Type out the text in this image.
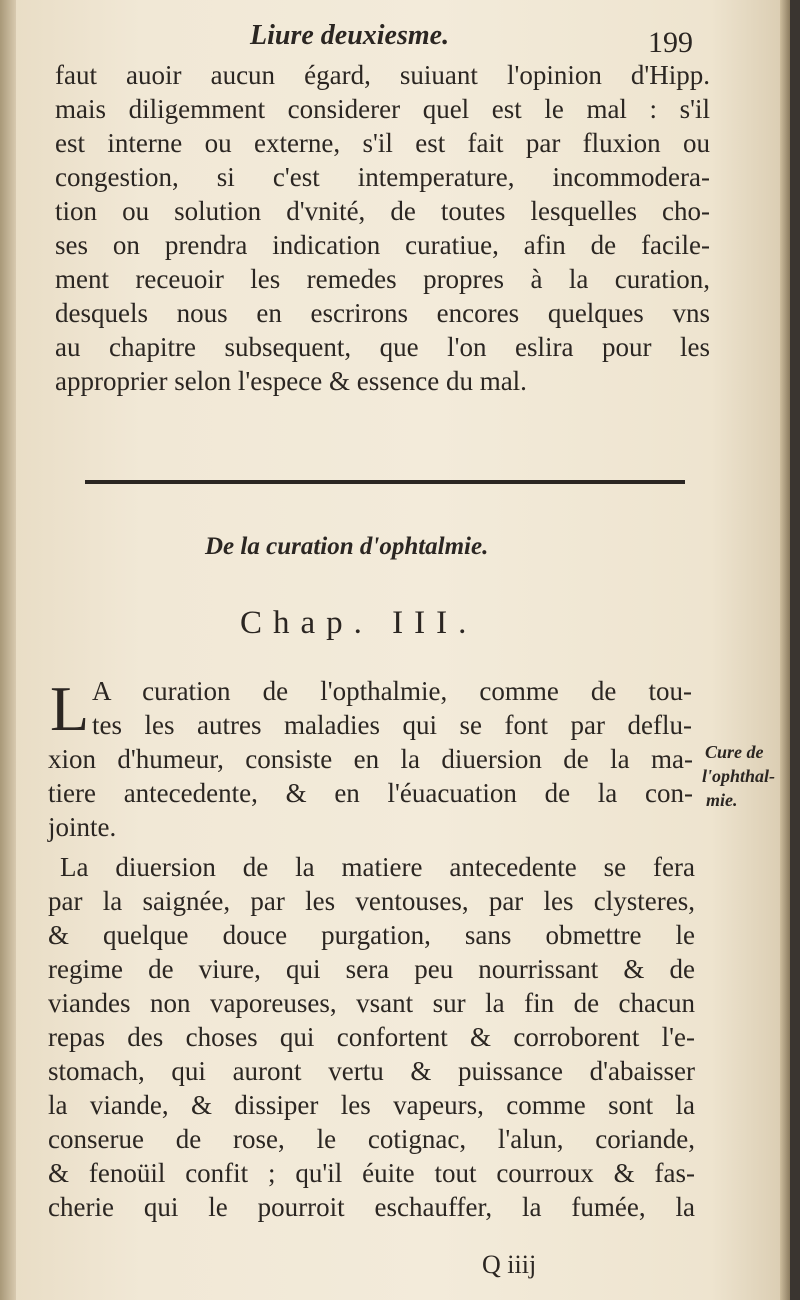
Liure deuxiesme.	199
faut auoir aucun égard, suiuant l'opinion d'Hipp.
mais diligemment considerer quel est le mal : s'il
est interne ou externe, s'il est fait par fluxion ou
congestion, si c'est intemperature, incommodera-
tion ou solution d'vnité, de toutes lesquelles cho-
ses on prendra indication curatiue, afin de facile-
ment receuoir les remedes propres à la curation,
desquels nous en escrirons encores quelques vns
au chapitre subsequent, que l'on eslira pour les
approprier selon l'espece & essence du mal.
De la curation d'ophtalmie.
Chap. III.
L A curation de l'opthalmie, comme de tou-
tes les autres maladies qui se font par deflu-
xion d'humeur, consiste en la diuersion de la ma-
tiere antecedente, & en l'éuacuation de la con-
jointe.
La diuersion de la matiere antecedente se fera
par la saignée, par les ventouses, par les clysteres,
& quelque douce purgation, sans obmettre le
regime de viure, qui sera peu nourrissant & de
viandes non vaporeuses, vsant sur la fin de chacun
repas des choses qui confortent & corroborent l'e-
stomach, qui auront vertu & puissance d'abaisser
la viande, & dissiper les vapeurs, comme sont la
conserue de rose, le cotignac, l'alun, coriande,
& fenoüil confit ; qu'il éuite tout courroux & fas-
cherie qui le pourroit eschauffer, la fumée, la
Cure de
l'ophthal-
mie.
Q iiij
